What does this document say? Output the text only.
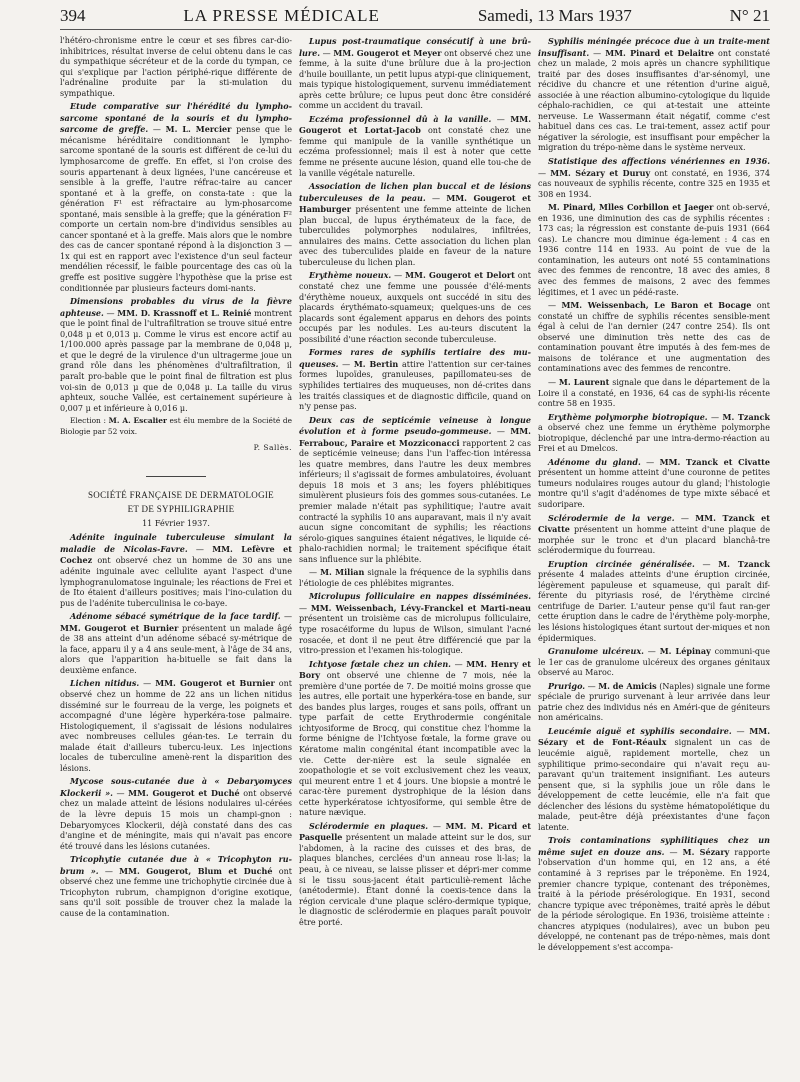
394	LA PRESSE MÉDICALE	Samedi, 13 Mars 1937	N° 21

l'hétéro-chronisme entre le cœur et ses fibres car-dio-inhibitrices, résultat inverse de celui obtenu dans le cas du sympathique sécréteur et de la corde du tympan, ce qui s'explique par l'action périphé-rique différente de l'adrénaline produite par la sti-mulation du sympathique.

Etude comparative sur l'hérédité du lympho-sarcome spontané de la souris et du lympho-sarcome de greffe. — M. L. Mercier pense que le mécanisme héréditaire conditionnant le lympho-sarcome spontané de la souris est différent de ce-lui du lymphosarcome de greffe. En effet, si l'on croise des souris appartenant à deux lignées, l'une cancéreuse et sensible à la greffe, l'autre réfrac-taire au cancer spontané et à la greffe, on consta-tate : que la génération F¹ est réfractaire au lym-phosarcome spontané, mais sensible à la greffe; que la génération F² comporte un certain nom-bre d'individus sensibles au cancer spontané et à la greffe. Mais alors que le nombre des cas de cancer spontané répond à la disjonction 3 — 1x qui est en rapport avec l'existence d'un seul facteur mendélien récessif, le faible pourcentage des cas où la greffe est positive suggère l'hypothèse que la prise est conditionnée par plusieurs facteurs domi-nants.

Dimensions probables du virus de la fièvre aphteuse. — MM. D. Krassnoff et L. Reinié montrent que le point final de l'ultrafiltration se trouve situé entre 0,048 μ et 0,013 μ. Comme le virus est encore actif au 1/100.000 après passage par la membrane de 0,048 μ, et que le degré de la virulence d'un ultragerme joue un grand rôle dans les phénomènes d'ultrafiltration, il paraît pro-bable que le point final de filtration est plus voi-sin de 0,013 μ que de 0,048 μ. La taille du virus aphteux, souche Vallée, est certainement supérieure à 0,007 μ et inférieure à 0,016 μ.

Election : M. A. Escalier est élu membre de la Société de Biologie par 52 voix.

P. Sallès.

SOCIÉTÉ FRANÇAISE DE DERMATOLOGIE

ET DE SYPHILIGRAPHIE

11 Février 1937.

Adénite inguinale tuberculeuse simulant la maladie de Nicolas-Favre. — MM. Lefèvre et Cochez ont observé chez un homme de 30 ans une adénite inguinale avec cellulite ayant l'aspect d'une lymphogranulomatose inguinale; les réactions de Frei et de Ito étaient d'ailleurs positives; mais l'ino-culation du pus de l'adénite tuberculinisa le co-baye.

Adénome sébacé symétrique de la face tardif. — MM. Gougerot et Burnier présentent un malade âgé de 38 ans atteint d'un adénome sébacé sy-métrique de la face, apparu il y a 4 ans seule-ment, à l'âge de 34 ans, alors que l'apparition ha-bituelle se fait dans la deuxième enfance.

Lichen nitidus. — MM. Gougerot et Burnier ont observé chez un homme de 22 ans un lichen nitidus disséminé sur le fourreau de la verge, les poignets et accompagné d'une légère hyperkéra-tose palmaire. Histologiquement, il s'agissait de lésions nodulaires avec nombreuses cellules géan-tes. Le terrain du malade était d'ailleurs tubercu-leux. Les injections locales de tuberculine amenè-rent la disparition des lésions.

Mycose sous-cutanée due à « Debaryomyces Klockerii ». — MM. Gougerot et Duché ont observé chez un malade atteint de lésions nodulaires ul-cérées de la lèvre depuis 15 mois un champi-gnon : Debaryomyces Klockerii, déjà constaté dans des cas d'angine et de méningite, mais qui n'avait pas encore été trouvé dans les lésions cutanées.

Tricophytie cutanée due à « Tricophyton ru-brum ». — MM. Gougerot, Blum et Duché ont observé chez une femme une trichophytie circinée due à Tricophyton rubrum, champignon d'origine exotique, sans qu'il soit possible de trouver chez la malade la cause de la contamination.

Lupus post-traumatique consécutif à une brû-lure. — MM. Gougerot et Meyer ont observé chez une femme, à la suite d'une brûlure due à la pro-jection d'huile bouillante, un petit lupus atypi-que cliniquement, mais typique histologiquement, survenu immédiatement après cette brûlure; ce lupus peut donc être considéré comme un accident du travail.

Eczéma professionnel dû à la vanille. — MM. Gougerot et Lortat-Jacob ont constaté chez une femme qui manipule de la vanille synthétique un eczéma professionnel; mais il est à noter que cette femme ne présente aucune lésion, quand elle tou-che de la vanille végétale naturelle.

Association de lichen plan buccal et de lésions tuberculeuses de la peau. — MM. Gougerot et Hamburger présentent une femme atteinte de lichen plan buccal, de lupus érythémateux de la face, de tuberculides polymorphes nodulaires, infiltrées, annulaires des mains. Cette association du lichen plan avec des tuberculides plaide en faveur de la nature tuberculeuse du lichen plan.

Erythème noueux. — MM. Gougerot et Delort ont constaté chez une femme une poussée d'élé-ments d'érythème noueux, auxquels ont succédé in situ des placards érythémato-squameux; quelques-uns de ces placards sont également apparus en dehors des points occupés par les nodules. Les au-teurs discutent la possibilité d'une réaction seconde tuberculeuse.

Formes rares de syphilis tertiaire des mu-queuses. — M. Bertin attire l'attention sur cer-taines formes lupoïdes, granuleuses, papillomateu-ses de syphilides tertiaires des muqueuses, non dé-crites dans les traités classiques et de diagnostic difficile, quand on n'y pense pas.

Deux cas de septicémie veineuse à longue évolution et à forme pseudo-gommeuse. — MM. Ferrabouc, Paraire et Mozziconacci rapportent 2 cas de septicémie veineuse; dans l'un l'affec-tion intéressa les quatre membres, dans l'autre les deux membres inférieurs; il s'agissait de formes ambulatoires, évoluant depuis 18 mois et 3 ans; les foyers phlébitiques simulèrent plusieurs fois des gommes sous-cutanées. Le premier malade n'était pas syphilitique; l'autre avait contracté la syphilis 10 ans auparavant, mais il n'y avait aucun signe concomitant de syphilis; les réactions sérolo-giques sanguines étaient négatives, le liquide cé-phalo-rachidien normal; le traitement spécifique était sans influence sur la phlébite.

— M. Milian signale la fréquence de la syphilis dans l'étiologie de ces phlébites migrantes.

Microlupus folliculaire en nappes disséminées. — MM. Weissenbach, Lévy-Franckel et Marti-neau présentent un troisième cas de microlupus folliculaire, type rosacéiforme du lupus de Wilson, simulant l'acné rosacée, et dont il ne peut être différencié que par la vitro-pression et l'examen his-tologique.

Ichtyose fœtale chez un chien. — MM. Henry et Bory ont observé une chienne de 7 mois, née la première d'une portée de 7. De moitié moins grosse que les autres, elle portait une hyperkéra-tose en bande, sur des bandes plus larges, rouges et sans poils, offrant un type parfait de cette Erythrodermie congénitale ichtyosiforme de Brocq, qui constitue chez l'homme la forme bénigne de l'Ichtyose fœtale, la forme grave ou Kératome malin congénital étant incompatible avec la vie. Cette der-nière est la seule signalée en zoopathologie et se voit exclusivement chez les veaux, qui meurent entre 1 et 4 jours. Une biopsie a montré le carac-tère purement dystrophique de la lésion dans cette hyperkératose ichtyosiforme, qui semble être de nature nævique.

Sclérodermie en plaques. — MM. M. Picard et Pasquelle présentent un malade atteint sur le dos, sur l'abdomen, à la racine des cuisses et des bras, de plaques blanches, cerclées d'un anneau rose li-las; la peau, à ce niveau, se laisse plisser et dépri-mer comme si le tissu sous-jacent était particuliè-rement lâche (anétodermie). Étant donné la coexis-tence dans la région cervicale d'une plaque scléro-dermique typique, le diagnostic de sclérodermie en plaques paraît pouvoir être porté.

Syphilis méningée précoce due à un traite-ment insuffisant. — MM. Pinard et Delaitre ont constaté chez un malade, 2 mois après un chancre syphilitique traité par des doses insuffisantes d'ar-sénomyl, une récidive du chancre et une rétention d'urine aiguë, associée à une réaction albumino-cytologique du liquide céphalo-rachidien, ce qui at-testait une atteinte nerveuse. Le Wassermann était négatif, comme c'est habituel dans ces cas. Le trai-tement, assez actif pour négativer la sérologie, est insuffisant pour empêcher la migration du trépo-nème dans le système nerveux.

Statistique des affections vénériennes en 1936. — MM. Sézary et Duruy ont constaté, en 1936, 374 cas nouveaux de syphilis récente, contre 325 en 1935 et 308 en 1934.

M. Pinard, Mlles Corbillon et Jaeger ont ob-servé, en 1936, une diminution des cas de syphilis récentes : 173 cas; la régression est constante de-puis 1931 (664 cas). Le chancre mou diminue éga-lement : 4 cas en 1936 contre 114 en 1933. Au point de vue de la contamination, les auteurs ont noté 55 contaminations avec des femmes de rencontre, 18 avec des amies, 8 avec des femmes de maisons, 2 avec des femmes légitimes, et 1 avec un pédé-raste.

— MM. Weissenbach, Le Baron et Bocage ont constaté un chiffre de syphilis récentes sensible-ment égal à celui de l'an dernier (247 contre 254). Ils ont observé une diminution très nette des cas de contamination pouvant être imputés à des fem-mes de maisons de tolérance et une augmentation des contaminations avec des femmes de rencontre.

— M. Laurent signale que dans le département de la Loire il a constaté, en 1936, 64 cas de syphi-lis récente contre 58 en 1935.

Erythème polymorphe biotropique. — M. Tzanck a observé chez une femme un érythème polymorphe biotropique, déclenché par une intra-dermo-réaction au Frei et au Dmelcos.

Adénome du gland. — MM. Tzanck et Civatte présentent un homme atteint d'une couronne de petites tumeurs nodulaires rouges autour du gland; l'histologie montre qu'il s'agit d'adénomes de type mixte sébacé et sudoripare.

Sclérodermie de la verge. — MM. Tzanck et Civatte présentent un homme atteint d'une plaque de morphée sur le tronc et d'un placard blanchâ-tre sclérodermique du fourreau.

Eruption circinée généralisée. — M. Tzanck présente 4 malades atteints d'une éruption circinée, légèrement papuleuse et squameuse, qui paraît dif-férente du pityriasis rosé, de l'érythème circiné centrifuge de Darier. L'auteur pense qu'il faut ran-ger cette éruption dans le cadre de l'érythème poly-morphe, les lésions histologiques étant surtout der-miques et non épidermiques.

Granulome ulcéreux. — M. Lépinay communi-que le 1er cas de granulome ulcéreux des organes génitaux observé au Maroc.

Prurigo. — M. de Amicis (Naples) signale une forme spéciale de prurigo survenant à leur arrivée dans leur patrie chez des individus nés en Améri-que de géniteurs non américains.

Leucémie aiguë et syphilis secondaire. — MM. Sézary et de Font-Réaulx signalent un cas de leucémie aiguë, rapidement mortelle, chez un syphilitique primo-secondaire qui n'avait reçu au-paravant qu'un traitement insignifiant. Les auteurs pensent que, si la syphilis joue un rôle dans le développement de cette leucémie, elle n'a fait que déclencher des lésions du système hématopoïétique du malade, peut-être déjà préexistantes d'une façon latente.

Trois contaminations syphilitiques chez un même sujet en douze ans. — M. Sézary rapporte l'observation d'un homme qui, en 12 ans, a été contaminé à 3 reprises par le tréponème. En 1924, premier chancre typique, contenant des tréponèmes, traité à la période présérologique. En 1931, second chancre typique avec tréponèmes, traité après le début de la période sérologique. En 1936, troisième atteinte : chancres atypiques (nodulaires), avec un bubon peu développé, ne contenant pas de trépo-nèmes, mais dont le développement s'est accompa-
